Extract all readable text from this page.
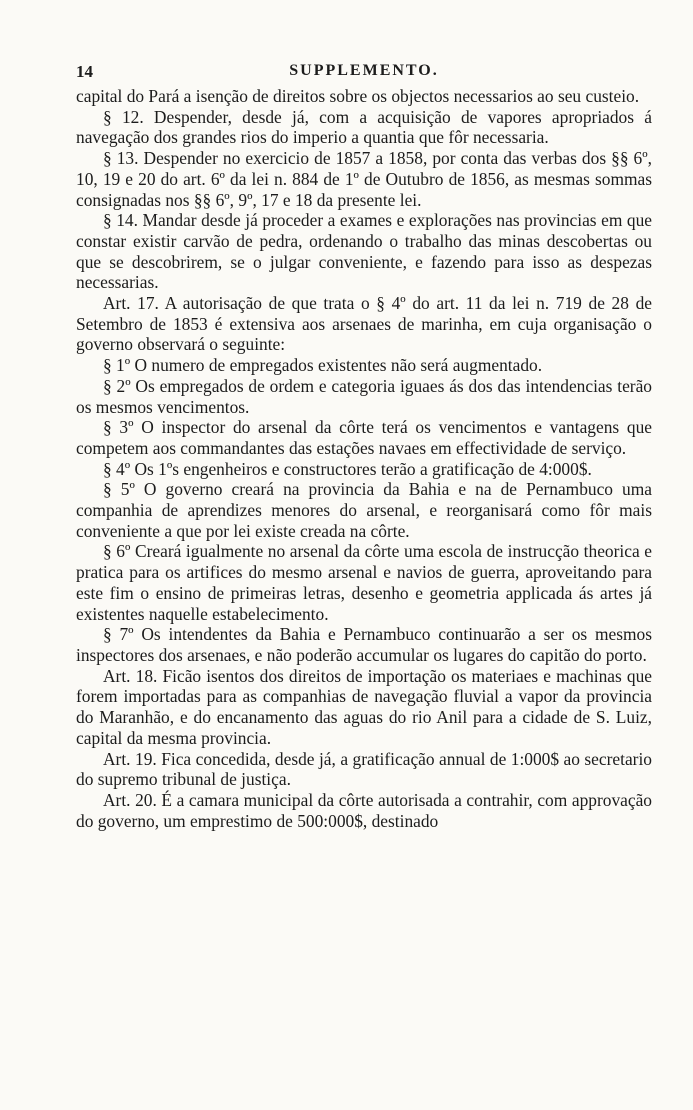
14	SUPPLEMENTO.

capital do Pará a isenção de direitos sobre os objectos necessarios ao seu custeio.

§ 12. Despender, desde já, com a acquisição de vapores apropriados á navegação dos grandes rios do imperio a quantia que fôr necessaria.

§ 13. Despender no exercicio de 1857 a 1858, por conta das verbas dos §§ 6º, 10, 19 e 20 do art. 6º da lei n. 884 de 1º de Outubro de 1856, as mesmas sommas consignadas nos §§ 6º, 9º, 17 e 18 da presente lei.

§ 14. Mandar desde já proceder a exames e explorações nas provincias em que constar existir carvão de pedra, ordenando o trabalho das minas descobertas ou que se descobrirem, se o julgar conveniente, e fazendo para isso as despezas necessarias.

Art. 17. A autorisação de que trata o § 4º do art. 11 da lei n. 719 de 28 de Setembro de 1853 é extensiva aos arsenaes de marinha, em cuja organisação o governo observará o seguinte:

§ 1º O numero de empregados existentes não será augmentado.

§ 2º Os empregados de ordem e categoria iguaes ás dos das intendencias terão os mesmos vencimentos.

§ 3º O inspector do arsenal da côrte terá os vencimentos e vantagens que competem aos commandantes das estações navaes em effectividade de serviço.

§ 4º Os 1ºs engenheiros e constructores terão a gratificação de 4:000$.

§ 5º O governo creará na provincia da Bahia e na de Pernambuco uma companhia de aprendizes menores do arsenal, e reorganisará como fôr mais conveniente a que por lei existe creada na côrte.

§ 6º Creará igualmente no arsenal da côrte uma escola de instrucção theorica e pratica para os artifices do mesmo arsenal e navios de guerra, aproveitando para este fim o ensino de primeiras letras, desenho e geometria applicada ás artes já existentes naquelle estabelecimento.

§ 7º Os intendentes da Bahia e Pernambuco continuarão a ser os mesmos inspectores dos arsenaes, e não poderão accumular os lugares do capitão do porto.

Art. 18. Ficão isentos dos direitos de importação os materiaes e machinas que forem importadas para as companhias de navegação fluvial a vapor da provincia do Maranhão, e do encanamento das aguas do rio Anil para a cidade de S. Luiz, capital da mesma provincia.

Art. 19. Fica concedida, desde já, a gratificação annual de 1:000$ ao secretario do supremo tribunal de justiça.

Art. 20. É a camara municipal da côrte autorisada a contrahir, com approvação do governo, um emprestimo de 500:000$, destinado
